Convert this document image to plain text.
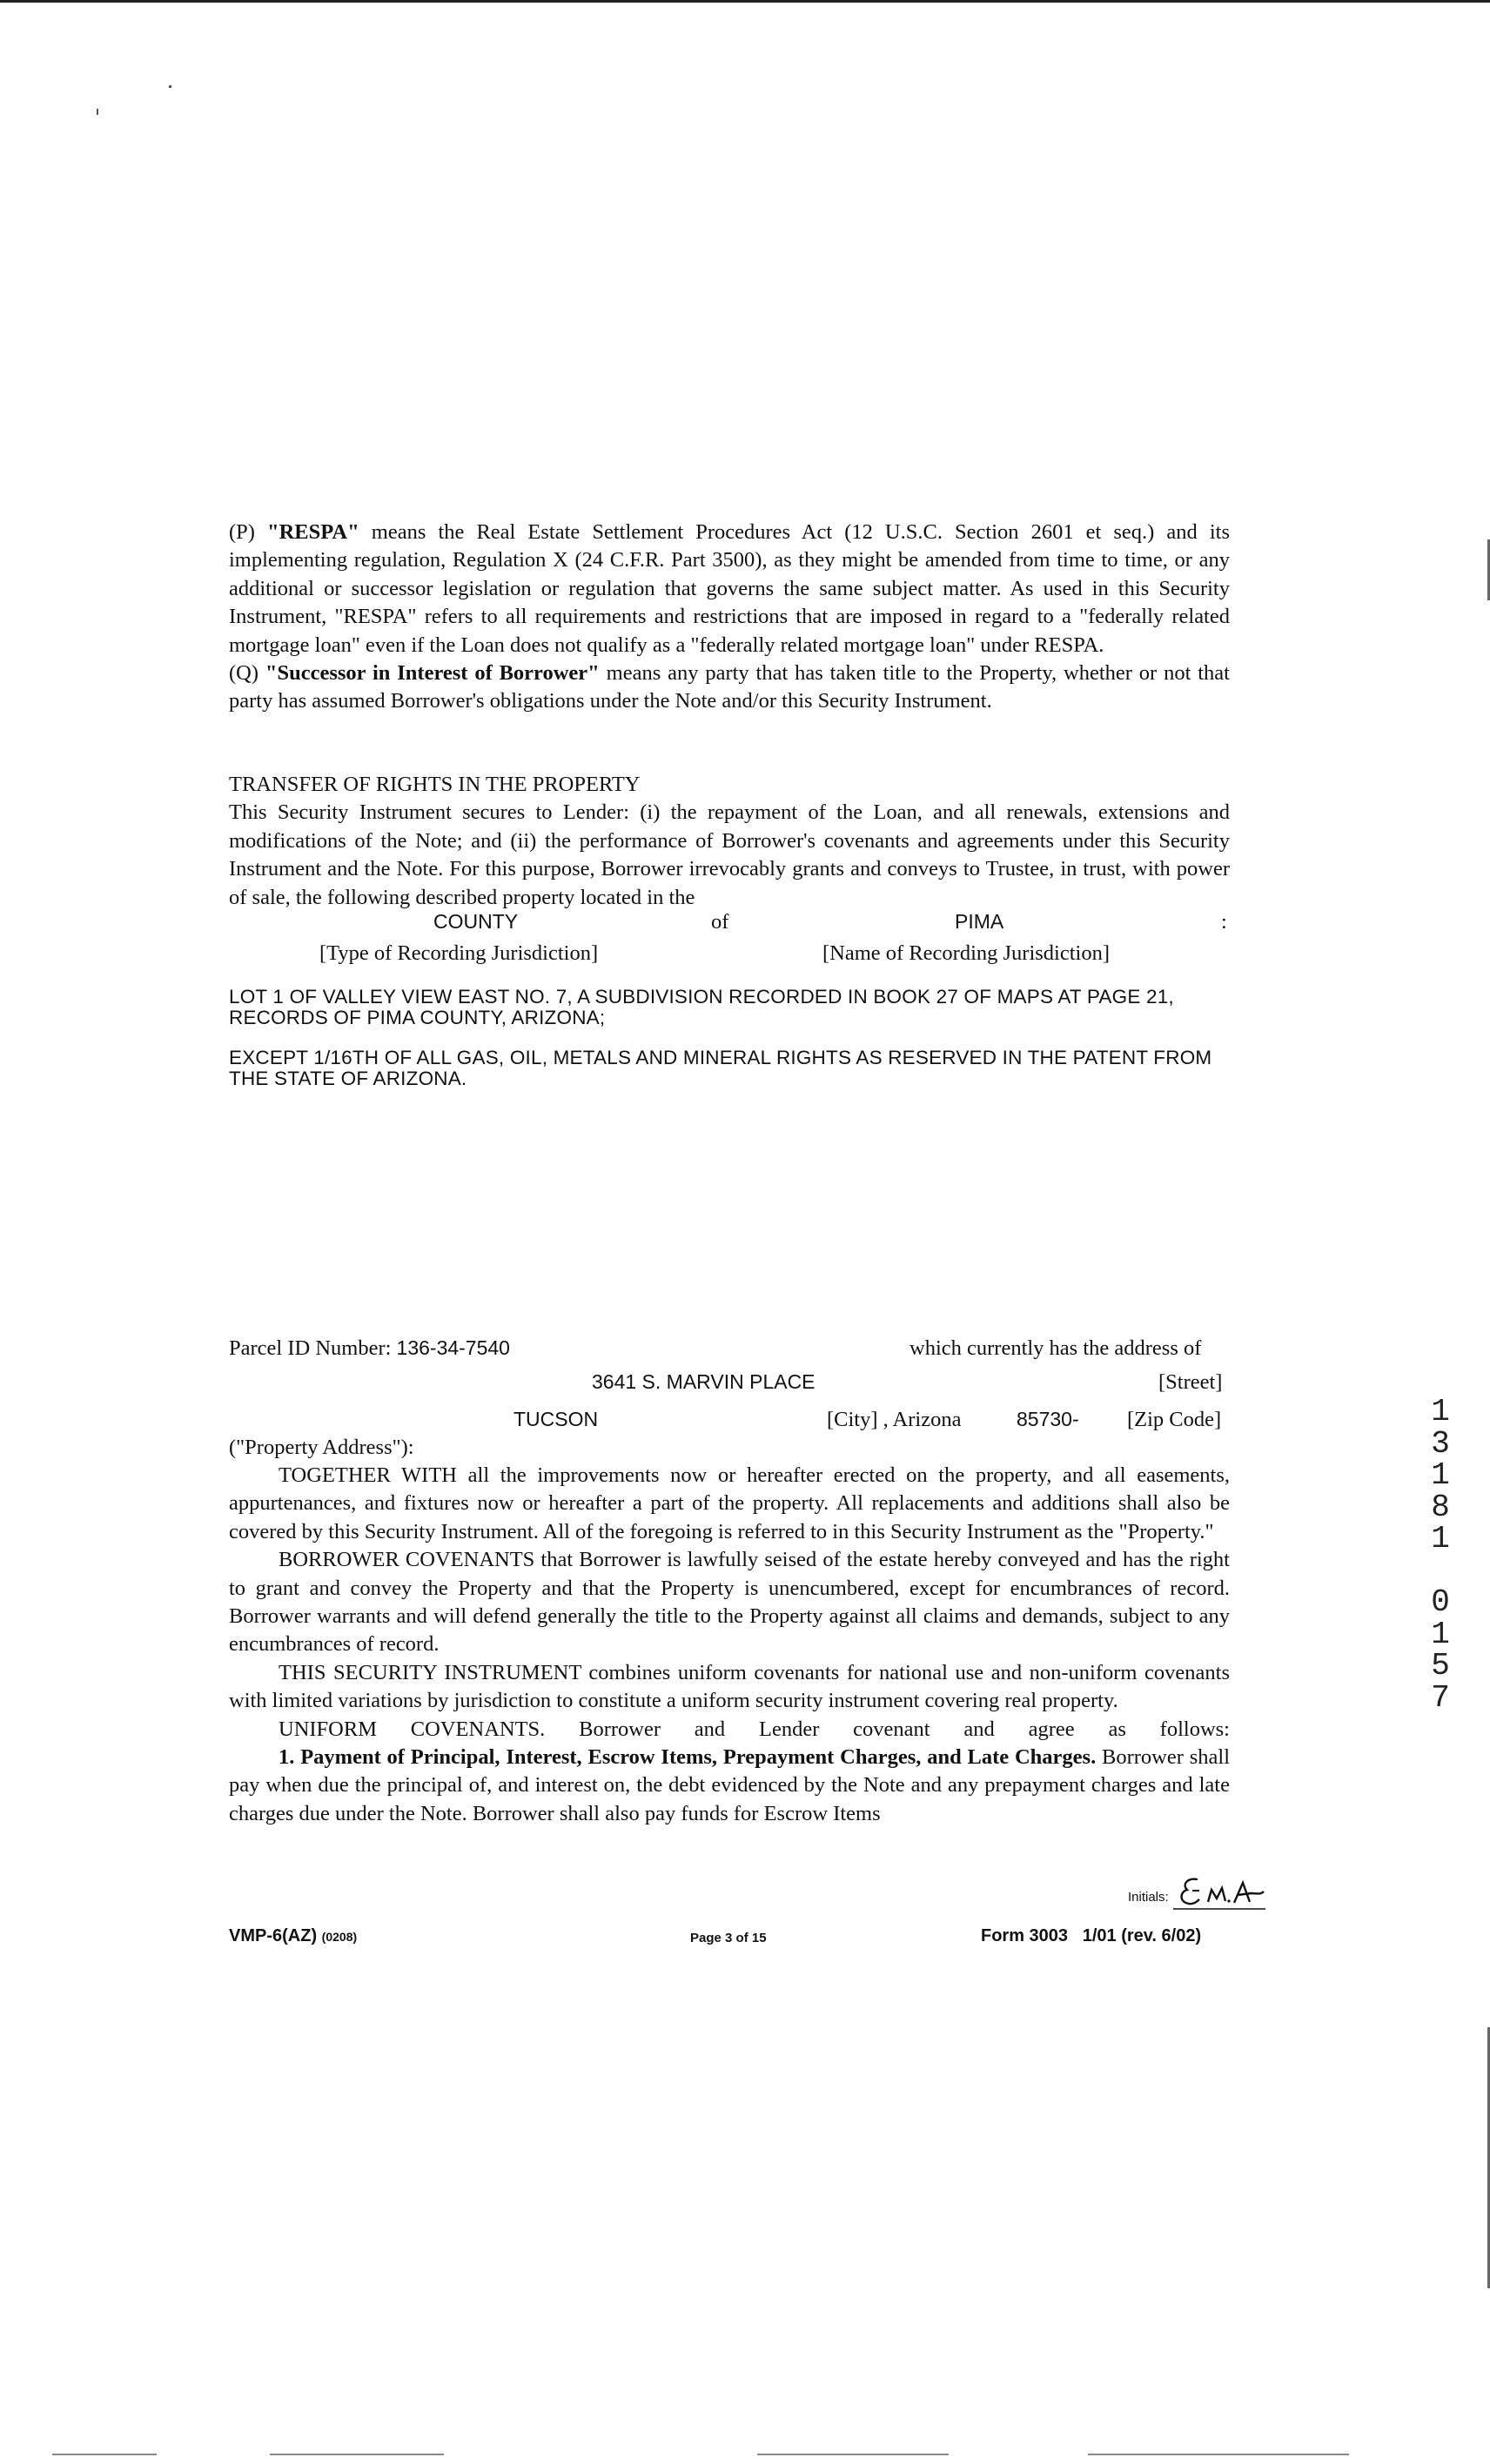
(P) "RESPA" means the Real Estate Settlement Procedures Act (12 U.S.C. Section 2601 et seq.) and its implementing regulation, Regulation X (24 C.F.R. Part 3500), as they might be amended from time to time, or any additional or successor legislation or regulation that governs the same subject matter. As used in this Security Instrument, "RESPA" refers to all requirements and restrictions that are imposed in regard to a "federally related mortgage loan" even if the Loan does not qualify as a "federally related mortgage loan" under RESPA.

(Q) "Successor in Interest of Borrower" means any party that has taken title to the Property, whether or not that party has assumed Borrower's obligations under the Note and/or this Security Instrument.

TRANSFER OF RIGHTS IN THE PROPERTY

This Security Instrument secures to Lender: (i) the repayment of the Loan, and all renewals, extensions and modifications of the Note; and (ii) the performance of Borrower's covenants and agreements under this Security Instrument and the Note. For this purpose, Borrower irrevocably grants and conveys to Trustee, in trust, with power of sale, the following described property located in the

COUNTY	of	PIMA	:
[Type of Recording Jurisdiction]	[Name of Recording Jurisdiction]

LOT 1 OF VALLEY VIEW EAST NO. 7, A SUBDIVISION RECORDED IN BOOK 27 OF MAPS AT PAGE 21, RECORDS OF PIMA COUNTY, ARIZONA;

EXCEPT 1/16TH OF ALL GAS, OIL, METALS AND MINERAL RIGHTS AS RESERVED IN THE PATENT FROM THE STATE OF ARIZONA.

Parcel ID Number: 136-34-7540	which currently has the address of
3641 S. MARVIN PLACE	[Street]
TUCSON	[City] , Arizona	85730- [Zip Code]
("Property Address"):

TOGETHER WITH all the improvements now or hereafter erected on the property, and all easements, appurtenances, and fixtures now or hereafter a part of the property. All replacements and additions shall also be covered by this Security Instrument. All of the foregoing is referred to in this Security Instrument as the "Property."

BORROWER COVENANTS that Borrower is lawfully seised of the estate hereby conveyed and has the right to grant and convey the Property and that the Property is unencumbered, except for encumbrances of record. Borrower warrants and will defend generally the title to the Property against all claims and demands, subject to any encumbrances of record.

THIS SECURITY INSTRUMENT combines uniform covenants for national use and non-uniform covenants with limited variations by jurisdiction to constitute a uniform security instrument covering real property.

UNIFORM COVENANTS. Borrower and Lender covenant and agree as follows:

1. Payment of Principal, Interest, Escrow Items, Prepayment Charges, and Late Charges. Borrower shall pay when due the principal of, and interest on, the debt evidenced by the Note and any prepayment charges and late charges due under the Note. Borrower shall also pay funds for Escrow Items

Initials:
VMP-6(AZ) (0208)	Page 3 of 15	Form 3003   1/01 (rev. 6/02)
1
3
1
8
1

0
1
5
7
